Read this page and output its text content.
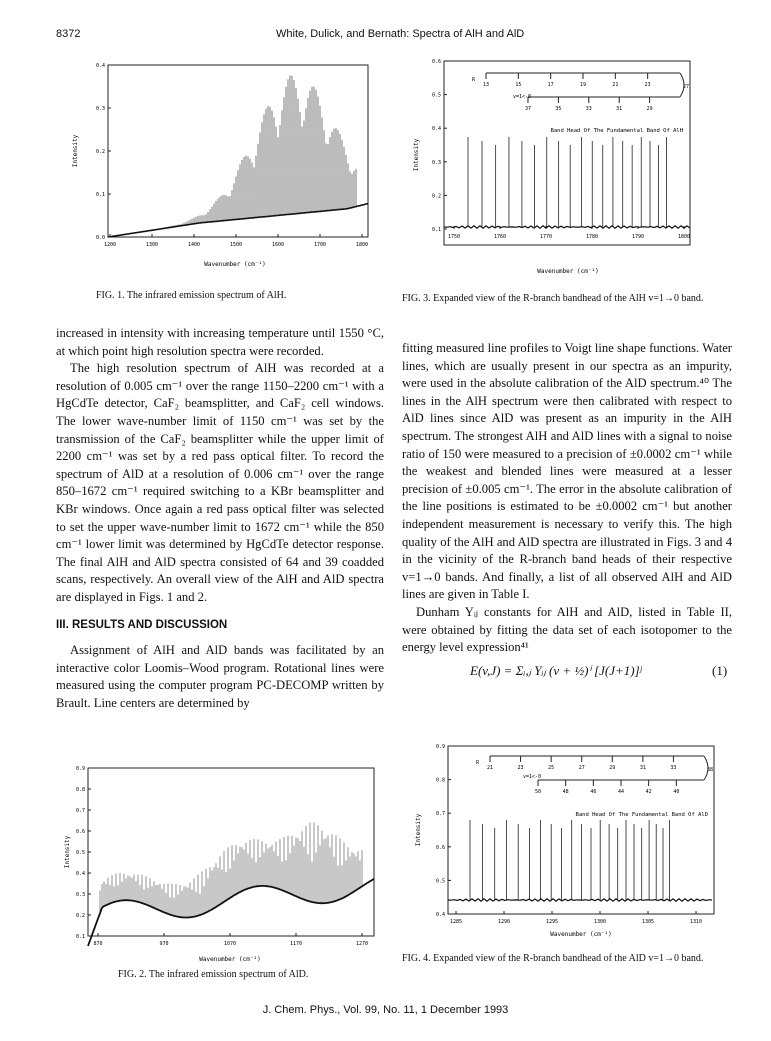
8372	White, Dulick, and Bernath: Spectra of AlH and AlD
0.0
0.1
0.2
0.3
0.4
1200	1300	1400	1500	1600	1700	1800
Wavenumber (cm⁻¹)
Intensity
FIG. 1. The infrared emission spectrum of AlH.
R
13	15	17	19	21	23
37	35	33	31	29
27
0.1
0.2
0.3
0.4
0.5
0.6
1750	1760	1770	1780	1790	1800
Band Head Of The Fundamental Band Of AlH
v=1<-0
Wavenumber (cm⁻¹)
Intensity
FIG. 3. Expanded view of the R-branch bandhead of the AlH v=1→0 band.

increased in intensity with increasing temperature until 1550 °C, at which point high resolution spectra were recorded.

The high resolution spectrum of AlH was recorded at a resolution of 0.005 cm⁻¹ over the range 1150–2200 cm⁻¹ with a HgCdTe detector, CaF₂ beamsplitter, and CaF₂ cell windows. The lower wave-number limit of 1150 cm⁻¹ was set by the transmission of the CaF₂ beamsplitter while the upper limit of 2200 cm⁻¹ was set by a red pass optical filter. To record the spectrum of AlD at a resolution of 0.006 cm⁻¹ over the range 850–1672 cm⁻¹ required switching to a KBr beamsplitter and KBr windows. Once again a red pass optical filter was selected to set the upper wave-number limit to 1672 cm⁻¹ while the 850 cm⁻¹ lower limit was determined by HgCdTe detector response. The final AlH and AlD spectra consisted of 64 and 39 coadded scans, respectively. An overall view of the AlH and AlD spectra are displayed in Figs. 1 and 2.

III. RESULTS AND DISCUSSION

Assignment of AlH and AlD bands was facilitated by an interactive color Loomis–Wood program. Rotational lines were measured using the computer program PC-DECOMP written by Brault. Line centers are determined by

fitting measured line profiles to Voigt line shape functions. Water lines, which are usually present in our spectra as an impurity, were used in the absolute calibration of the AlD spectrum.⁴⁰ The lines in the AlH spectrum were then calibrated with respect to AlD lines since AlD was present as an impurity in the AlH spectrum. The strongest AlH and AlD lines with a signal to noise ratio of 150 were measured to a precision of ±0.0002 cm⁻¹ while the weakest and blended lines were measured at a lesser precision of ±0.005 cm⁻¹. The error in the absolute calibration of the line positions is estimated to be ±0.0002 cm⁻¹ but another independent measurement is necessary to verify this. The high quality of the AlH and AlD spectra are illustrated in Figs. 3 and 4 in the vicinity of the R-branch band heads of their respective v=1→0 bands. And finally, a list of all observed AlH and AlD lines are given in Table I.

Dunham Yᵢⱼ constants for AlH and AlD, listed in Table II, were obtained by fitting the data set of each isotopomer to the energy level expression⁴¹

E(v,J) = Σᵢ,ⱼ Yᵢⱼ (v + ½)ⁱ [J(J+1)]ʲ	(1)
0.1
0.2
0.3
0.4
0.5
0.6
0.7
0.8
0.9
870	970	1070	1170	1270
Wavenumber (cm⁻¹)
Intensity
FIG. 2. The infrared emission spectrum of AlD.
R
21	23	25	27	29	31	33
50	48	46	44	42	40
38
0.4
0.5
0.6
0.7
0.8
0.9
1285	1290	1295	1300	1305	1310
Band Head Of The Fundamental Band Of AlD
v=1<-0
Wavenumber (cm⁻¹)
Intensity
FIG. 4. Expanded view of the R-branch bandhead of the AlD v=1→0 band.
J. Chem. Phys., Vol. 99, No. 11, 1 December 1993
